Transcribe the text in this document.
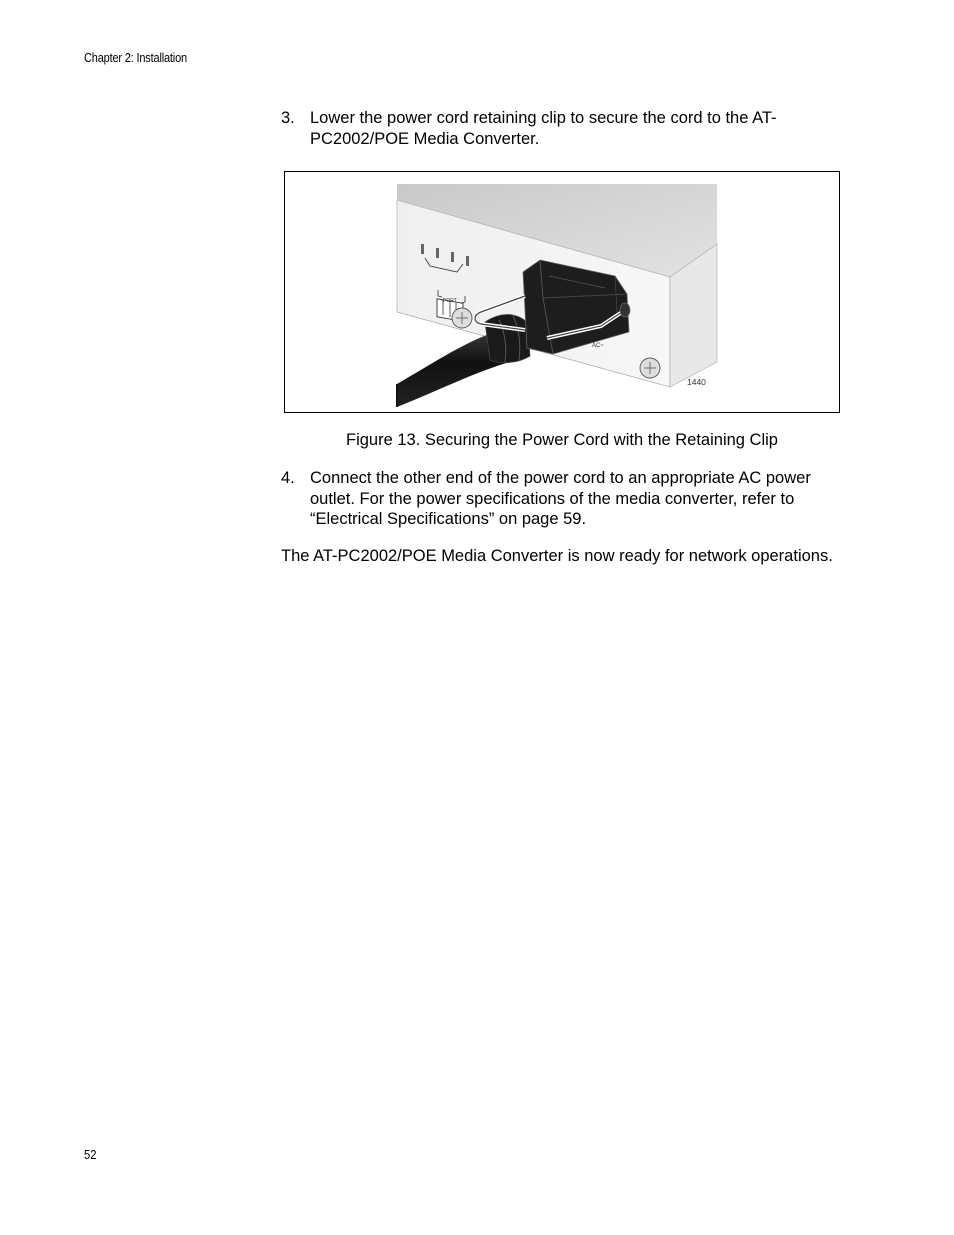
Chapter 2: Installation
3. Lower the power cord retaining clip to secure the cord to the AT-PC2002/POE Media Converter.
PORT
AC~
1440
Figure 13. Securing the Power Cord with the Retaining Clip
4. Connect the other end of the power cord to an appropriate AC power outlet. For the power specifications of the media converter, refer to “Electrical Specifications” on page 59.
The AT-PC2002/POE Media Converter is now ready for network operations.
52
